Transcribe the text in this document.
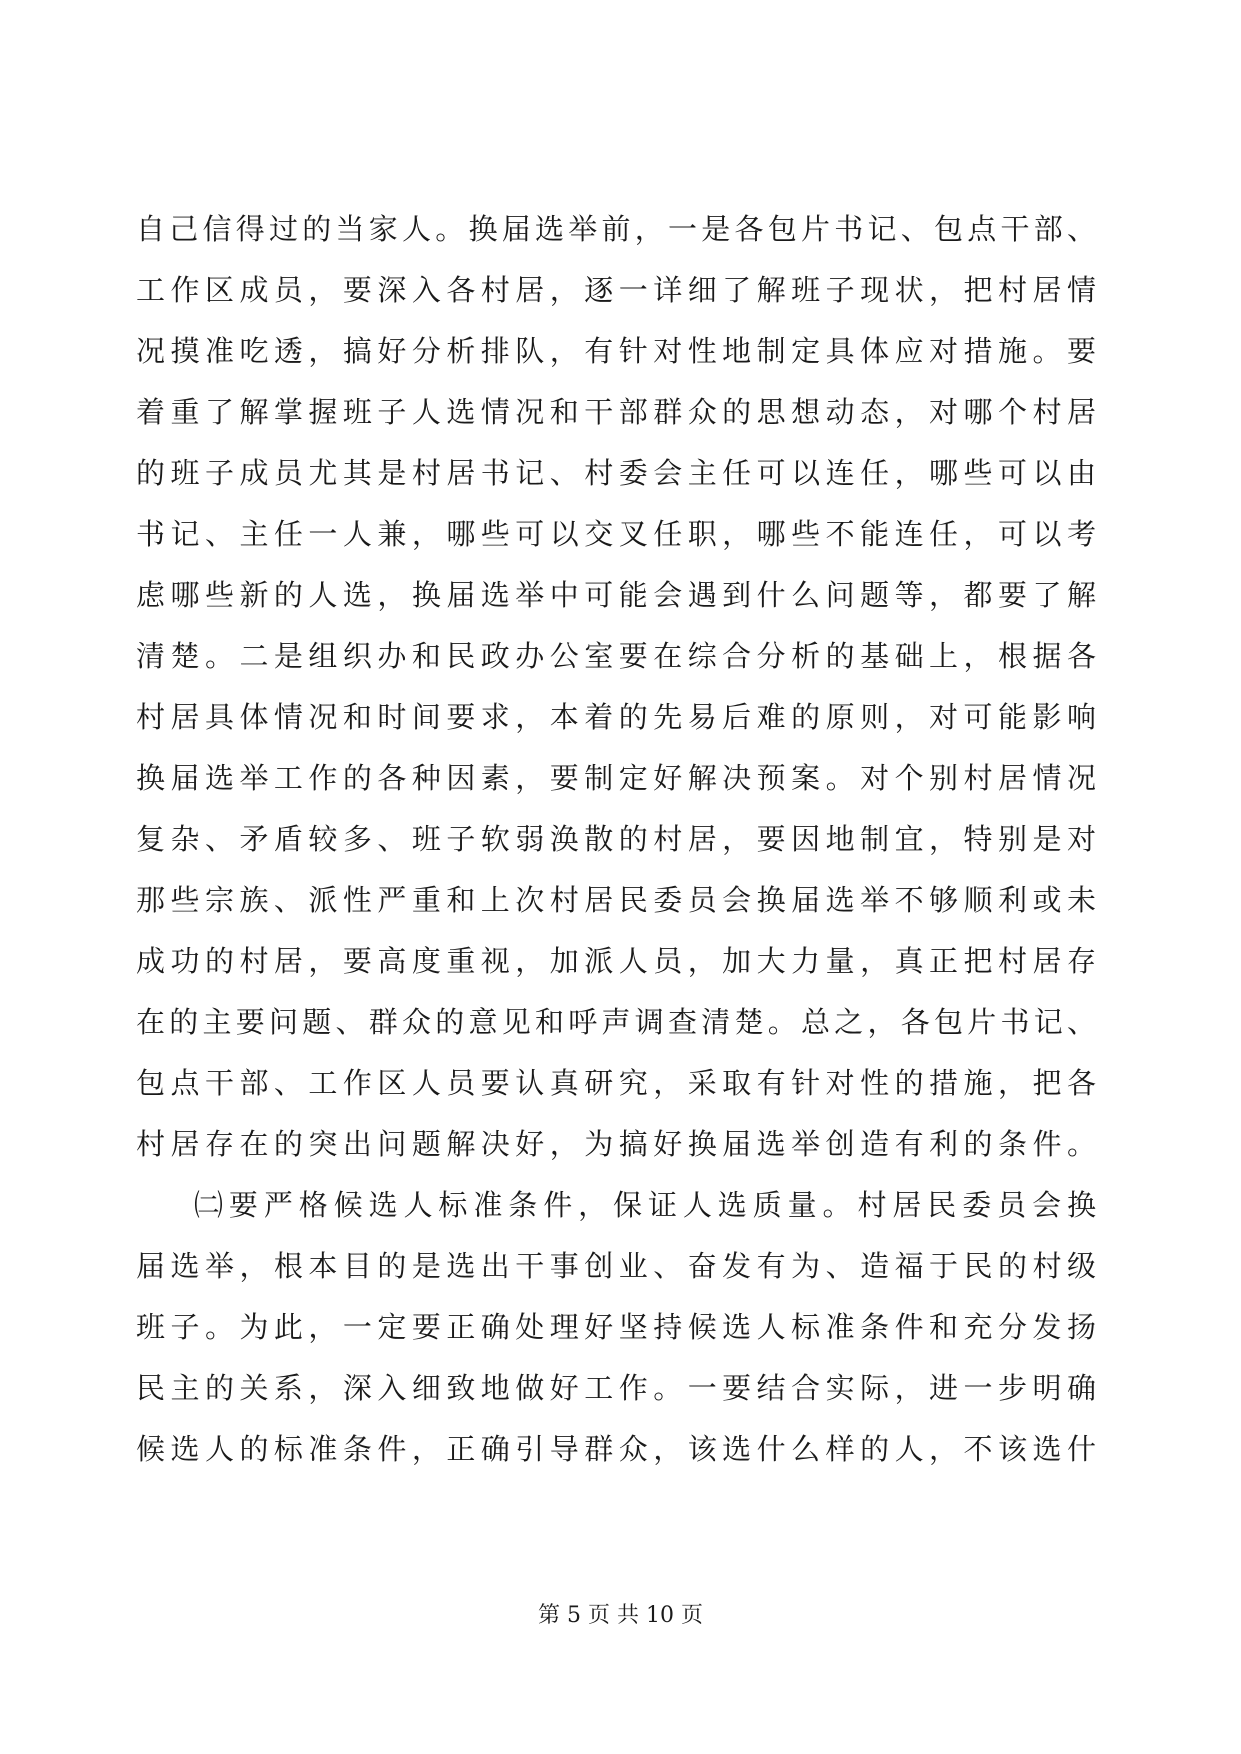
自己信得过的当家人。换届选举前，一是各包片书记、包点干部、
工作区成员，要深入各村居，逐一详细了解班子现状，把村居情
况摸准吃透，搞好分析排队，有针对性地制定具体应对措施。要
着重了解掌握班子人选情况和干部群众的思想动态，对哪个村居
的班子成员尤其是村居书记、村委会主任可以连任，哪些可以由
书记、主任一人兼，哪些可以交叉任职，哪些不能连任，可以考
虑哪些新的人选，换届选举中可能会遇到什么问题等，都要了解
清楚。二是组织办和民政办公室要在综合分析的基础上，根据各
村居具体情况和时间要求，本着的先易后难的原则，对可能影响
换届选举工作的各种因素，要制定好解决预案。对个别村居情况
复杂、矛盾较多、班子软弱涣散的村居，要因地制宜，特别是对
那些宗族、派性严重和上次村居民委员会换届选举不够顺利或未
成功的村居，要高度重视，加派人员，加大力量，真正把村居存
在的主要问题、群众的意见和呼声调查清楚。总之，各包片书记、
包点干部、工作区人员要认真研究，采取有针对性的措施，把各
村居存在的突出问题解决好，为搞好换届选举创造有利的条件。
㈡要严格候选人标准条件，保证人选质量。村居民委员会换
届选举，根本目的是选出干事创业、奋发有为、造福于民的村级
班子。为此，一定要正确处理好坚持候选人标准条件和充分发扬
民主的关系，深入细致地做好工作。一要结合实际，进一步明确
候选人的标准条件，正确引导群众，该选什么样的人，不该选什
第 5 页 共 10 页
